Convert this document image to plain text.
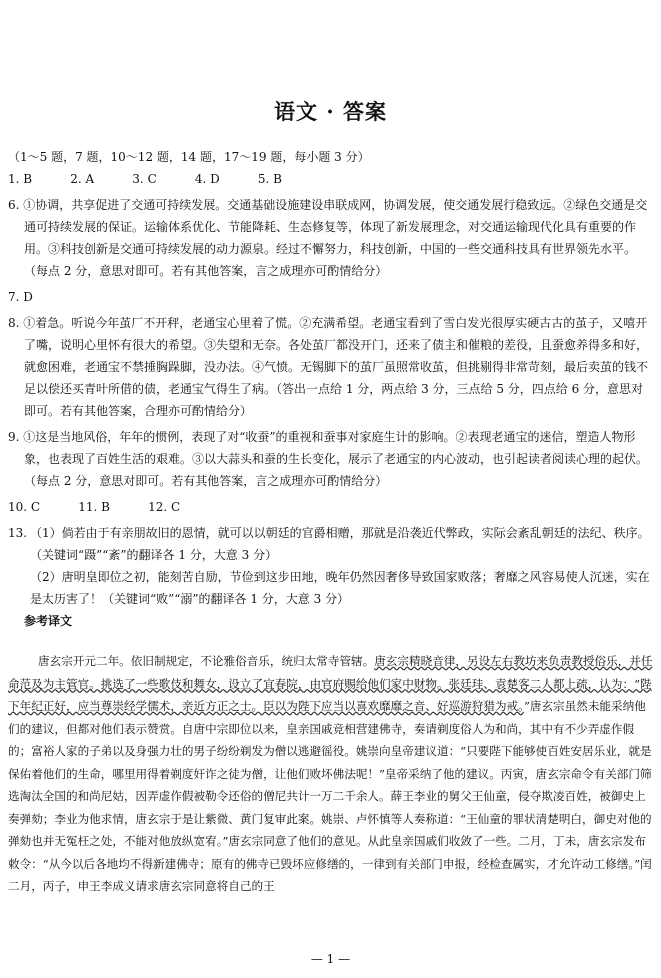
语文 · 答案

（1～5 题，7 题，10～12 题，14 题，17～19 题，每小题 3 分）

1. B          2. A          3. C          4. D          5. B

6. ①协调，共享促进了交通可持续发展。交通基础设施建设串联成网，协调发展，使交通发展行稳致远。②绿色交通是交通可持续发展的保证。运输体系优化、节能降耗、生态修复等，体现了新发展理念，对交通运输现代化具有重要的作用。③科技创新是交通可持续发展的动力源泉。经过不懈努力，科技创新，中国的一些交通科技具有世界领先水平。（每点 2 分，意思对即可。若有其他答案，言之成理亦可酌情给分）

7. D

8. ①着急。听说今年茧厂不开秤，老通宝心里着了慌。②充满希望。老通宝看到了雪白发光很厚实硬古古的茧子，又嘻开了嘴，说明心里怀有很大的希望。③失望和无奈。各处茧厂都没开门，还来了债主和催粮的差役，且蚕愈养得多和好，就愈困难，老通宝不禁捶胸跺脚，没办法。④气愤。无锡脚下的茧厂虽照常收茧，但挑剔得非常苛刻，最后卖茧的钱不足以偿还买青叶所借的债，老通宝气得生了病。（答出一点给 1 分，两点给 3 分，三点给 5 分，四点给 6 分，意思对即可。若有其他答案，合理亦可酌情给分）

9. ①这是当地风俗，年年的惯例，表现了对“收蚕”的重视和蚕事对家庭生计的影响。②表现老通宝的迷信，塑造人物形象，也表现了百姓生活的艰难。③以大蒜头和蚕的生长变化，展示了老通宝的内心波动，也引起读者阅读心理的起伏。（每点 2 分，意思对即可。若有其他答案，言之成理亦可酌情给分）

10. C          11. B          12. C

13. （1）倘若由于有亲朋故旧的恩情，就可以以朝廷的官爵相赠，那就是沿袭近代弊政，实际会紊乱朝廷的法纪、秩序。（关键词“蹑”“紊”的翻译各 1 分，大意 3 分）

（2）唐明皇即位之初，能刻苦自励，节俭到这步田地，晚年仍然因奢侈导致国家败落；奢靡之风容易使人沉迷，实在是太历害了！（关键词“败”“溺”的翻译各 1 分，大意 3 分）

参考译文

唐玄宗开元二年。依旧制规定，不论雅俗音乐，统归太常寺管辖。唐玄宗精晓音律，另设左右教坊来负责教授俗乐，并任命范及为主管官。挑选了一些歌伎和舞女，设立了宜春院，由官府赐给他们家中财物。张廷珪、袁楚客二人都上疏，认为：“陛下年纪正好，应当尊崇经学儒术，亲近方正之士。臣以为陛下应当以喜欢靡靡之音、好巡游狩猎为戒。”唐玄宗虽然未能采纳他们的建议，但都对他们表示赞赏。自唐中宗即位以来，皇亲国戚竞相营建佛寺，奏请剃度俗人为和尚，其中有不少弄虚作假的；富裕人家的子弟以及身强力壮的男子纷纷剃发为僧以逃避徭役。姚崇向皇帝建议道：“只要陛下能够使百姓安居乐业，就是保佑着他们的生命，哪里用得着剃度奸诈之徒为僧，让他们败坏佛法呢！”皇帝采纳了他的建议。丙寅，唐玄宗命令有关部门筛选淘汰全国的和尚尼姑，因弄虚作假被勒令还俗的僧尼共计一万二千余人。薛王李业的舅父王仙童，侵夺欺凌百姓，被御史上奏弹劾；李业为他求情，唐玄宗于是让紫微、黄门复审此案。姚崇、卢怀慎等人奏称道：“王仙童的罪状清楚明白，御史对他的弹劾也并无冤枉之处，不能对他放纵宽宥。”唐玄宗同意了他们的意见。从此皇亲国戚们收敛了一些。二月，丁未，唐玄宗发布敕令：“从今以后各地均不得新建佛寺；原有的佛寺已毁坏应修缮的，一律到有关部门申报，经检查属实，才允许动工修缮。”闰二月，丙子，申王李成义请求唐玄宗同意将自己的王

— 1 —
